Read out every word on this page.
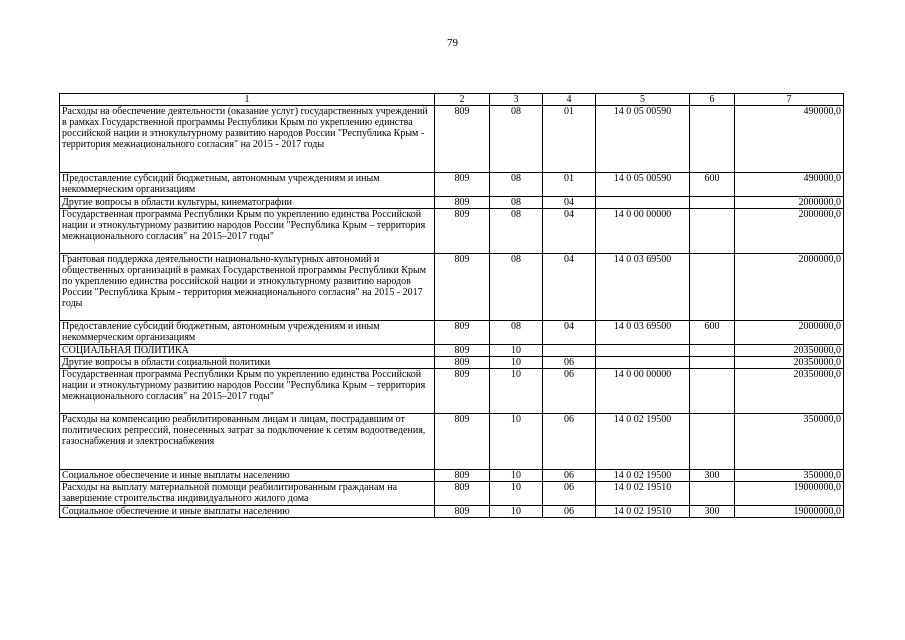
79
1	2	3	4	5	6	7
Расходы на обеспечение деятельности (оказание услуг) государственных учреждений в рамках Государственной программы Республики Крым по укреплению единства российской нации и этнокультурному развитию народов России "Республика Крым - территория межнационального согласия" на 2015 - 2017 годы	809	08	01	14 0 05 00590		490000,0
Предоставление субсидий бюджетным, автономным учреждениям и иным некоммерческим организациям	809	08	01	14 0 05 00590	600	490000,0
Другие вопросы в области культуры, кинематографии	809	08	04			2000000,0
Государственная программа Республики Крым по укреплению единства Российской нации и этнокультурному развитию народов России "Республика Крым – территория межнационального согласия" на 2015–2017 годы"	809	08	04	14 0 00 00000		2000000,0
Грантовая поддержка деятельности национально-культурных автономий и общественных организаций в рамках Государственной программы Республики Крым по укреплению единства российской нации и этнокультурному развитию народов России "Республика Крым - территория межнационального согласия" на 2015 - 2017 годы	809	08	04	14 0 03 69500		2000000,0
Предоставление субсидий бюджетным, автономным учреждениям и иным некоммерческим организациям	809	08	04	14 0 03 69500	600	2000000,0
СОЦИАЛЬНАЯ ПОЛИТИКА	809	10				20350000,0
Другие вопросы в области социальной политики	809	10	06			20350000,0
Государственная программа Республики Крым по укреплению единства Российской нации и этнокультурному развитию народов России "Республика Крым – территория межнационального согласия" на 2015–2017 годы"	809	10	06	14 0 00 00000		20350000,0
Расходы на компенсацию реабилитированным лицам и лицам, пострадавшим от политических репрессий, понесенных затрат за подключение к сетям водоотведения, газоснабжения и электроснабжения	809	10	06	14 0 02 19500		350000,0
Социальное обеспечение и иные выплаты населению	809	10	06	14 0 02 19500	300	350000,0
Расходы на выплату материальной помощи реабилитированным гражданам на завершение строительства индивидуального жилого дома	809	10	06	14 0 02 19510		19000000,0
Социальное обеспечение и иные выплаты населению	809	10	06	14 0 02 19510	300	19000000,0
